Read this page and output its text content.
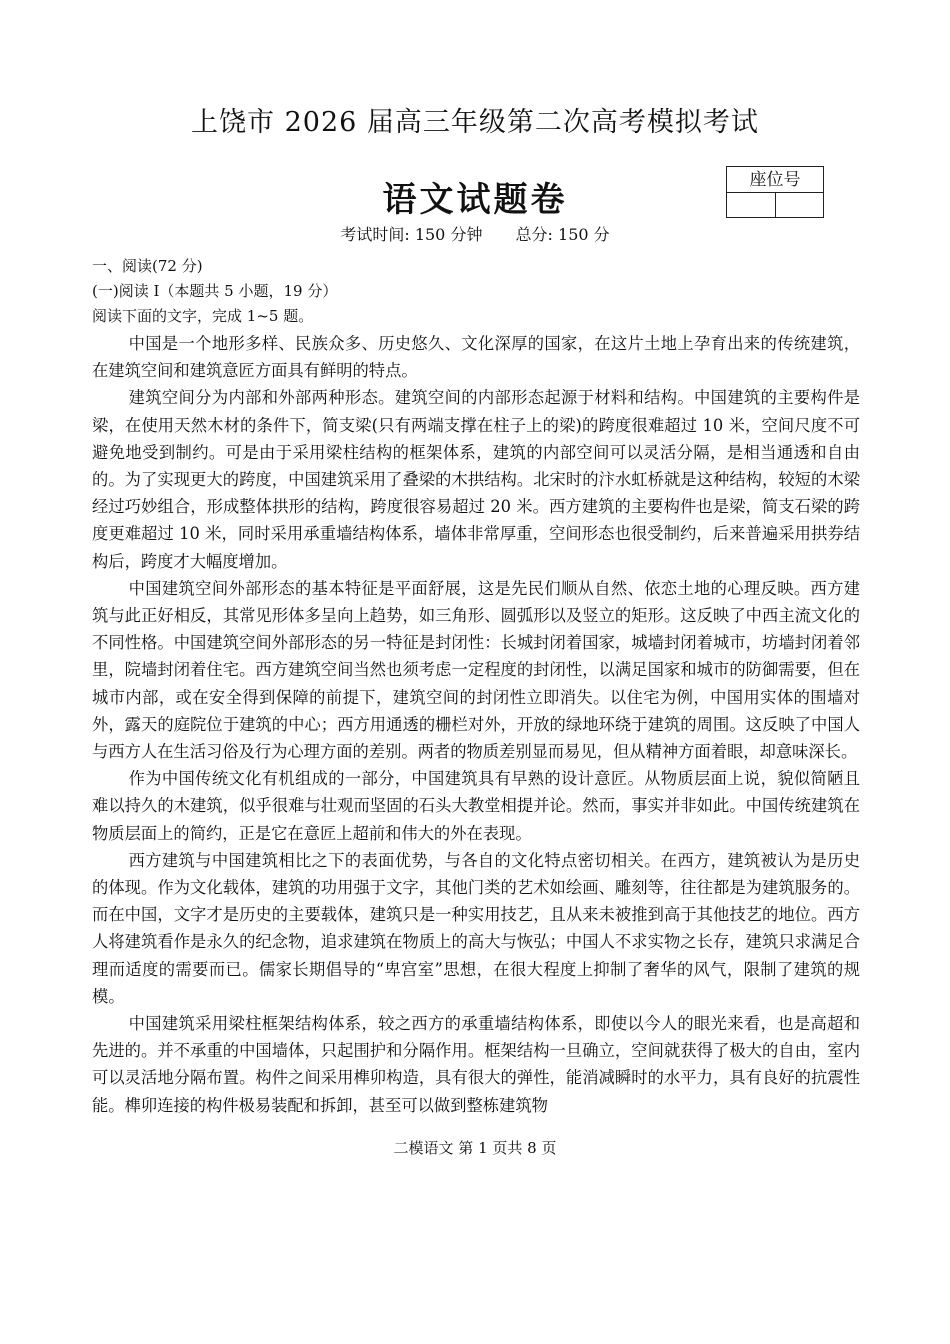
上饶市 2026 届高三年级第二次高考模拟考试
语文试题卷	座位号
考试时间: 150 分钟 总分: 150 分
一、阅读(72 分)
(一)阅读 I（本题共 5 小题，19 分）
阅读下面的文字，完成 1~5 题。

中国是一个地形多样、民族众多、历史悠久、文化深厚的国家，在这片土地上孕育出来的传统建筑，在建筑空间和建筑意匠方面具有鲜明的特点。

建筑空间分为内部和外部两种形态。建筑空间的内部形态起源于材料和结构。中国建筑的主要构件是梁，在使用天然木材的条件下，简支梁(只有两端支撑在柱子上的梁)的跨度很难超过 10 米，空间尺度不可避免地受到制约。可是由于采用梁柱结构的框架体系，建筑的内部空间可以灵活分隔，是相当通透和自由的。为了实现更大的跨度，中国建筑采用了叠梁的木拱结构。北宋时的汴水虹桥就是这种结构，较短的木梁经过巧妙组合，形成整体拱形的结构，跨度很容易超过 20 米。西方建筑的主要构件也是梁，简支石梁的跨度更难超过 10 米，同时采用承重墙结构体系，墙体非常厚重，空间形态也很受制约，后来普遍采用拱券结构后，跨度才大幅度增加。

中国建筑空间外部形态的基本特征是平面舒展，这是先民们顺从自然、依恋土地的心理反映。西方建筑与此正好相反，其常见形体多呈向上趋势，如三角形、圆弧形以及竖立的矩形。这反映了中西主流文化的不同性格。中国建筑空间外部形态的另一特征是封闭性：长城封闭着国家，城墙封闭着城市，坊墙封闭着邻里，院墙封闭着住宅。西方建筑空间当然也须考虑一定程度的封闭性，以满足国家和城市的防御需要，但在城市内部，或在安全得到保障的前提下，建筑空间的封闭性立即消失。以住宅为例，中国用实体的围墙对外，露天的庭院位于建筑的中心；西方用通透的栅栏对外，开放的绿地环绕于建筑的周围。这反映了中国人与西方人在生活习俗及行为心理方面的差别。两者的物质差别显而易见，但从精神方面着眼，却意味深长。

作为中国传统文化有机组成的一部分，中国建筑具有早熟的设计意匠。从物质层面上说，貌似简陋且难以持久的木建筑，似乎很难与壮观而坚固的石头大教堂相提并论。然而，事实并非如此。中国传统建筑在物质层面上的简约，正是它在意匠上超前和伟大的外在表现。

西方建筑与中国建筑相比之下的表面优势，与各自的文化特点密切相关。在西方，建筑被认为是历史的体现。作为文化载体，建筑的功用强于文字，其他门类的艺术如绘画、雕刻等，往往都是为建筑服务的。而在中国，文字才是历史的主要载体，建筑只是一种实用技艺，且从来未被推到高于其他技艺的地位。西方人将建筑看作是永久的纪念物，追求建筑在物质上的高大与恢弘；中国人不求实物之长存，建筑只求满足合理而适度的需要而已。儒家长期倡导的“卑宫室”思想，在很大程度上抑制了奢华的风气，限制了建筑的规模。

中国建筑采用梁柱框架结构体系，较之西方的承重墙结构体系，即使以今人的眼光来看，也是高超和先进的。并不承重的中国墙体，只起围护和分隔作用。框架结构一旦确立，空间就获得了极大的自由，室内可以灵活地分隔布置。构件之间采用榫卯构造，具有很大的弹性，能消减瞬时的水平力，具有良好的抗震性能。榫卯连接的构件极易装配和拆卸，甚至可以做到整栋建筑物

二模语文 第 1 页共 8 页
